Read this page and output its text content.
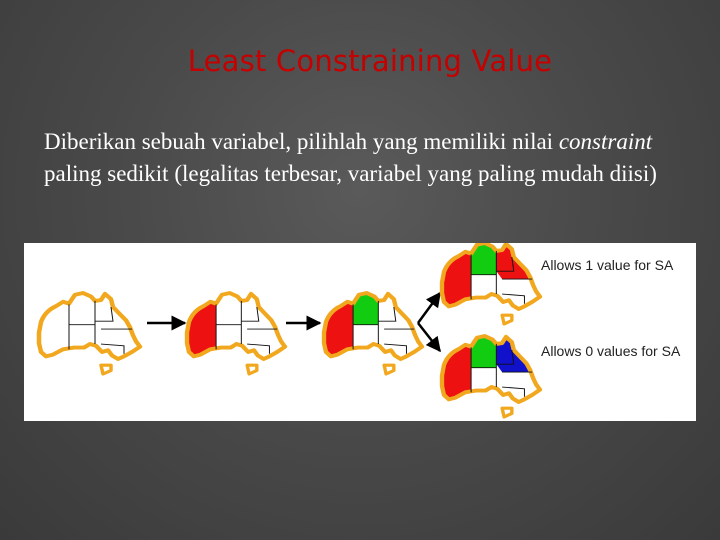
Least Constraining Value
Diberikan sebuah variabel, pilihlah yang memiliki nilai constraint paling sedikit (legalitas terbesar, variabel yang paling mudah diisi)
Allows 1 value for SA
Allows 0 values for SA
